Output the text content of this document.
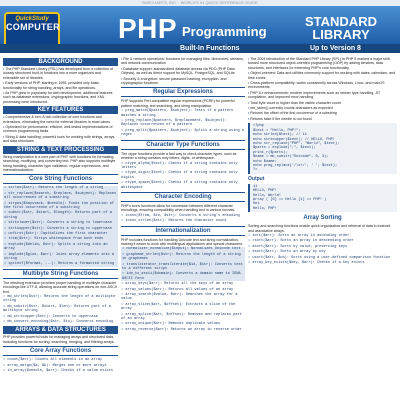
BARCHARTS, INC. · WORLD'S #1 QUICK REFERENCE GUIDE
QuickStudy
COMPUTER PHP Programming
STANDARD LIBRARY
Built-In Functions	Up to Version 8
BACKGROUND
• The PHP Standard Library (PSL) has developed from a collection of loosely structured built-in functions into a more organized and extensible set of libraries.
• Early versions of PHP, starting in 1995, provided only basic functionality for string handling, arrays, and file operations.
• As PHP grew in popularity for web development, additional features such as database extensions, cryptographic functions, and XML processing were introduced.
KEY FEATURES
• Comprehensive & rich: A rich collection of core functions and extensions, eliminating the need for external libraries in most cases
• Optimized for performance: efficient, well-tested implementations of common programming tasks
• String & data handling: powerful tools for working with strings, arrays, and data structures
STRING & TEXT PROCESSING
String manipulation is a core part of PHP, with functions for formatting, searching, modifying, and converting text. PHP also supports multibyte string handling, character type validation, regular expressions, and internationalization.
Core String Functions
• strlen($str): Returns the length of a string
• str_replace($search, $replace, $subject): Replaces all occurrences of a substring
• strpos($haystack, $needle): Finds the position of the first occurrence of a substring
• substr($str, $start, $length): Returns part of a string
• strtolower($str): Converts a string to lowercase
• strtoupper($str): Converts a string to uppercase
• ucfirst($str): Capitalizes the first character
• trim($str): Strips whitespace from both ends
• explode($delim, $str): Splits a string into an array
• implode($glue, $arr): Joins array elements into a string
• sprintf($format, ...): Returns a formatted string
Multibyte String Functions
The mbstring extension provides proper handling of multibyte character encodings like UTF-8, allowing accurate string operations on non-ASCII text.
• mb_strlen($str): Returns the length of a multibyte string
• mb_substr($str, $start, $len): Returns part of a multibyte string
• mb_strtoupper($str): Converts to uppercase
• mb_convert_encoding($str, $to): Converts encoding
ARRAYS & DATA STRUCTURES
PHP provides powerful tools for managing arrays and structured data, including functions for sorting, searching, merging, and filtering arrays.
Core Array Functions
• count($arr): Counts all elements in an array
• array_merge($a, $b): Merges one or more arrays
• in_array($needle, $arr): Checks if a value exists
• File & network operations: functions for managing files, directories, streams, and network communication
• Database support: standardized database access via PDO (PHP Data Objects), as well as direct support for MySQL, PostgreSQL, and SQLite
• Security & encryption: secure password hashing, encryption, and cryptographic functions
Regular Expressions
PHP supports Perl-compatible regular expressions (PCRE) for powerful pattern matching, text searching, and string manipulation.
• preg_match($pattern, $subject): Tests if a pattern matches a string
• preg_replace($pattern, $replacement, $subject): Replaces occurrences of a pattern
• preg_split($pattern, $subject): Splits a string using a regex
Character Type Functions
The ctype functions provide a fast way to check character types, such as whether a string contains only letters, digits, or whitespace.
• ctype_alpha($text): Checks if a string contains only letters
• ctype_digit($text): Checks if a string contains only digits
• ctype_space($text): Checks if a string contains only whitespace
Character Encoding
PHP's iconv functions allow for conversion between different character encodings, ensuring compatibility when handling text in various formats.
• iconv($from, $to, $str): Converts a string's encoding
• iconv_strlen($str): Returns the character count
Internationalization
PHP includes functions for handling Unicode text and string normalization, making it easier to work with multilingual applications and special characters.
• normalizer_normalize($input): Normalizes Unicode text
• grapheme_strlen($str): Returns the length of a string in graphemes
• transliterator_transliterate($id, $str): Converts text to a different script
• idn_to_ascii($domain): Converts a domain name to IDNA ASCII form
• array_keys($arr): Returns all the keys of an array
• array_values($arr): Returns all values of an array
• array_search($value, $arr): Searches the array for a value
• array_slice($arr, $offset): Extracts a slice of the array
• array_splice($arr, $offset): Removes and replaces part of an array
• array_unique($arr): Removes duplicate values
• array_reverse($arr): Returns an array in reverse order
• The 2004 introduction of the Standard PHP Library (SPL) in PHP 5 marked a major shift toward more structured object-oriented programming (OOP) by adding iterators, data structures, and interfaces for extending PHP's core functionality.
• Object-oriented: Data and utilities commonly support for working with dates, calendars, and time zones
• Cross-platform compatibility: works consistently across Windows, Linux, and macOS environments
• PHP 8.x enhancements: modern improvements such as stricter type handling, JIT compilation, and improved error handling
• Total byte count is higher than the visible character count
• mb_strlen() correctly counts characters as expected
• Returns the offset of the first occurrence of a substring
• Returns false if the needle is not found
<?php
$text = "Hello, PHP!";
echo strlen($text); // 11
echo strtoupper($text); // HELLO, PHP!
echo str_replace("PHP", "World", $text);
$parts = explode(",", $text);
print_r($parts);
$name = mb_substr("Ünïcödé", 0, 3);
echo $name;
echo preg_replace('/\s+/', ' ', $text);
?>
Output
11
HELLO, PHP!
Hello, World!
Array ( [0] => Hello [1] => PHP! )
Ünï
Hello, PHP!
Array Sorting
Sorting and searching functions enable quick organization and retrieval of data in indexed and associative arrays.
• sort($arr): Sorts an array in ascending order
• rsort($arr): Sorts an array in descending order
• asort($arr): Sorts by value, preserving keys
• ksort($arr): Sorts an array by key
• usort($arr, $cb): Sorts using a user-defined comparison function
• array_key_exists($key, $arr): Checks if a key exists
